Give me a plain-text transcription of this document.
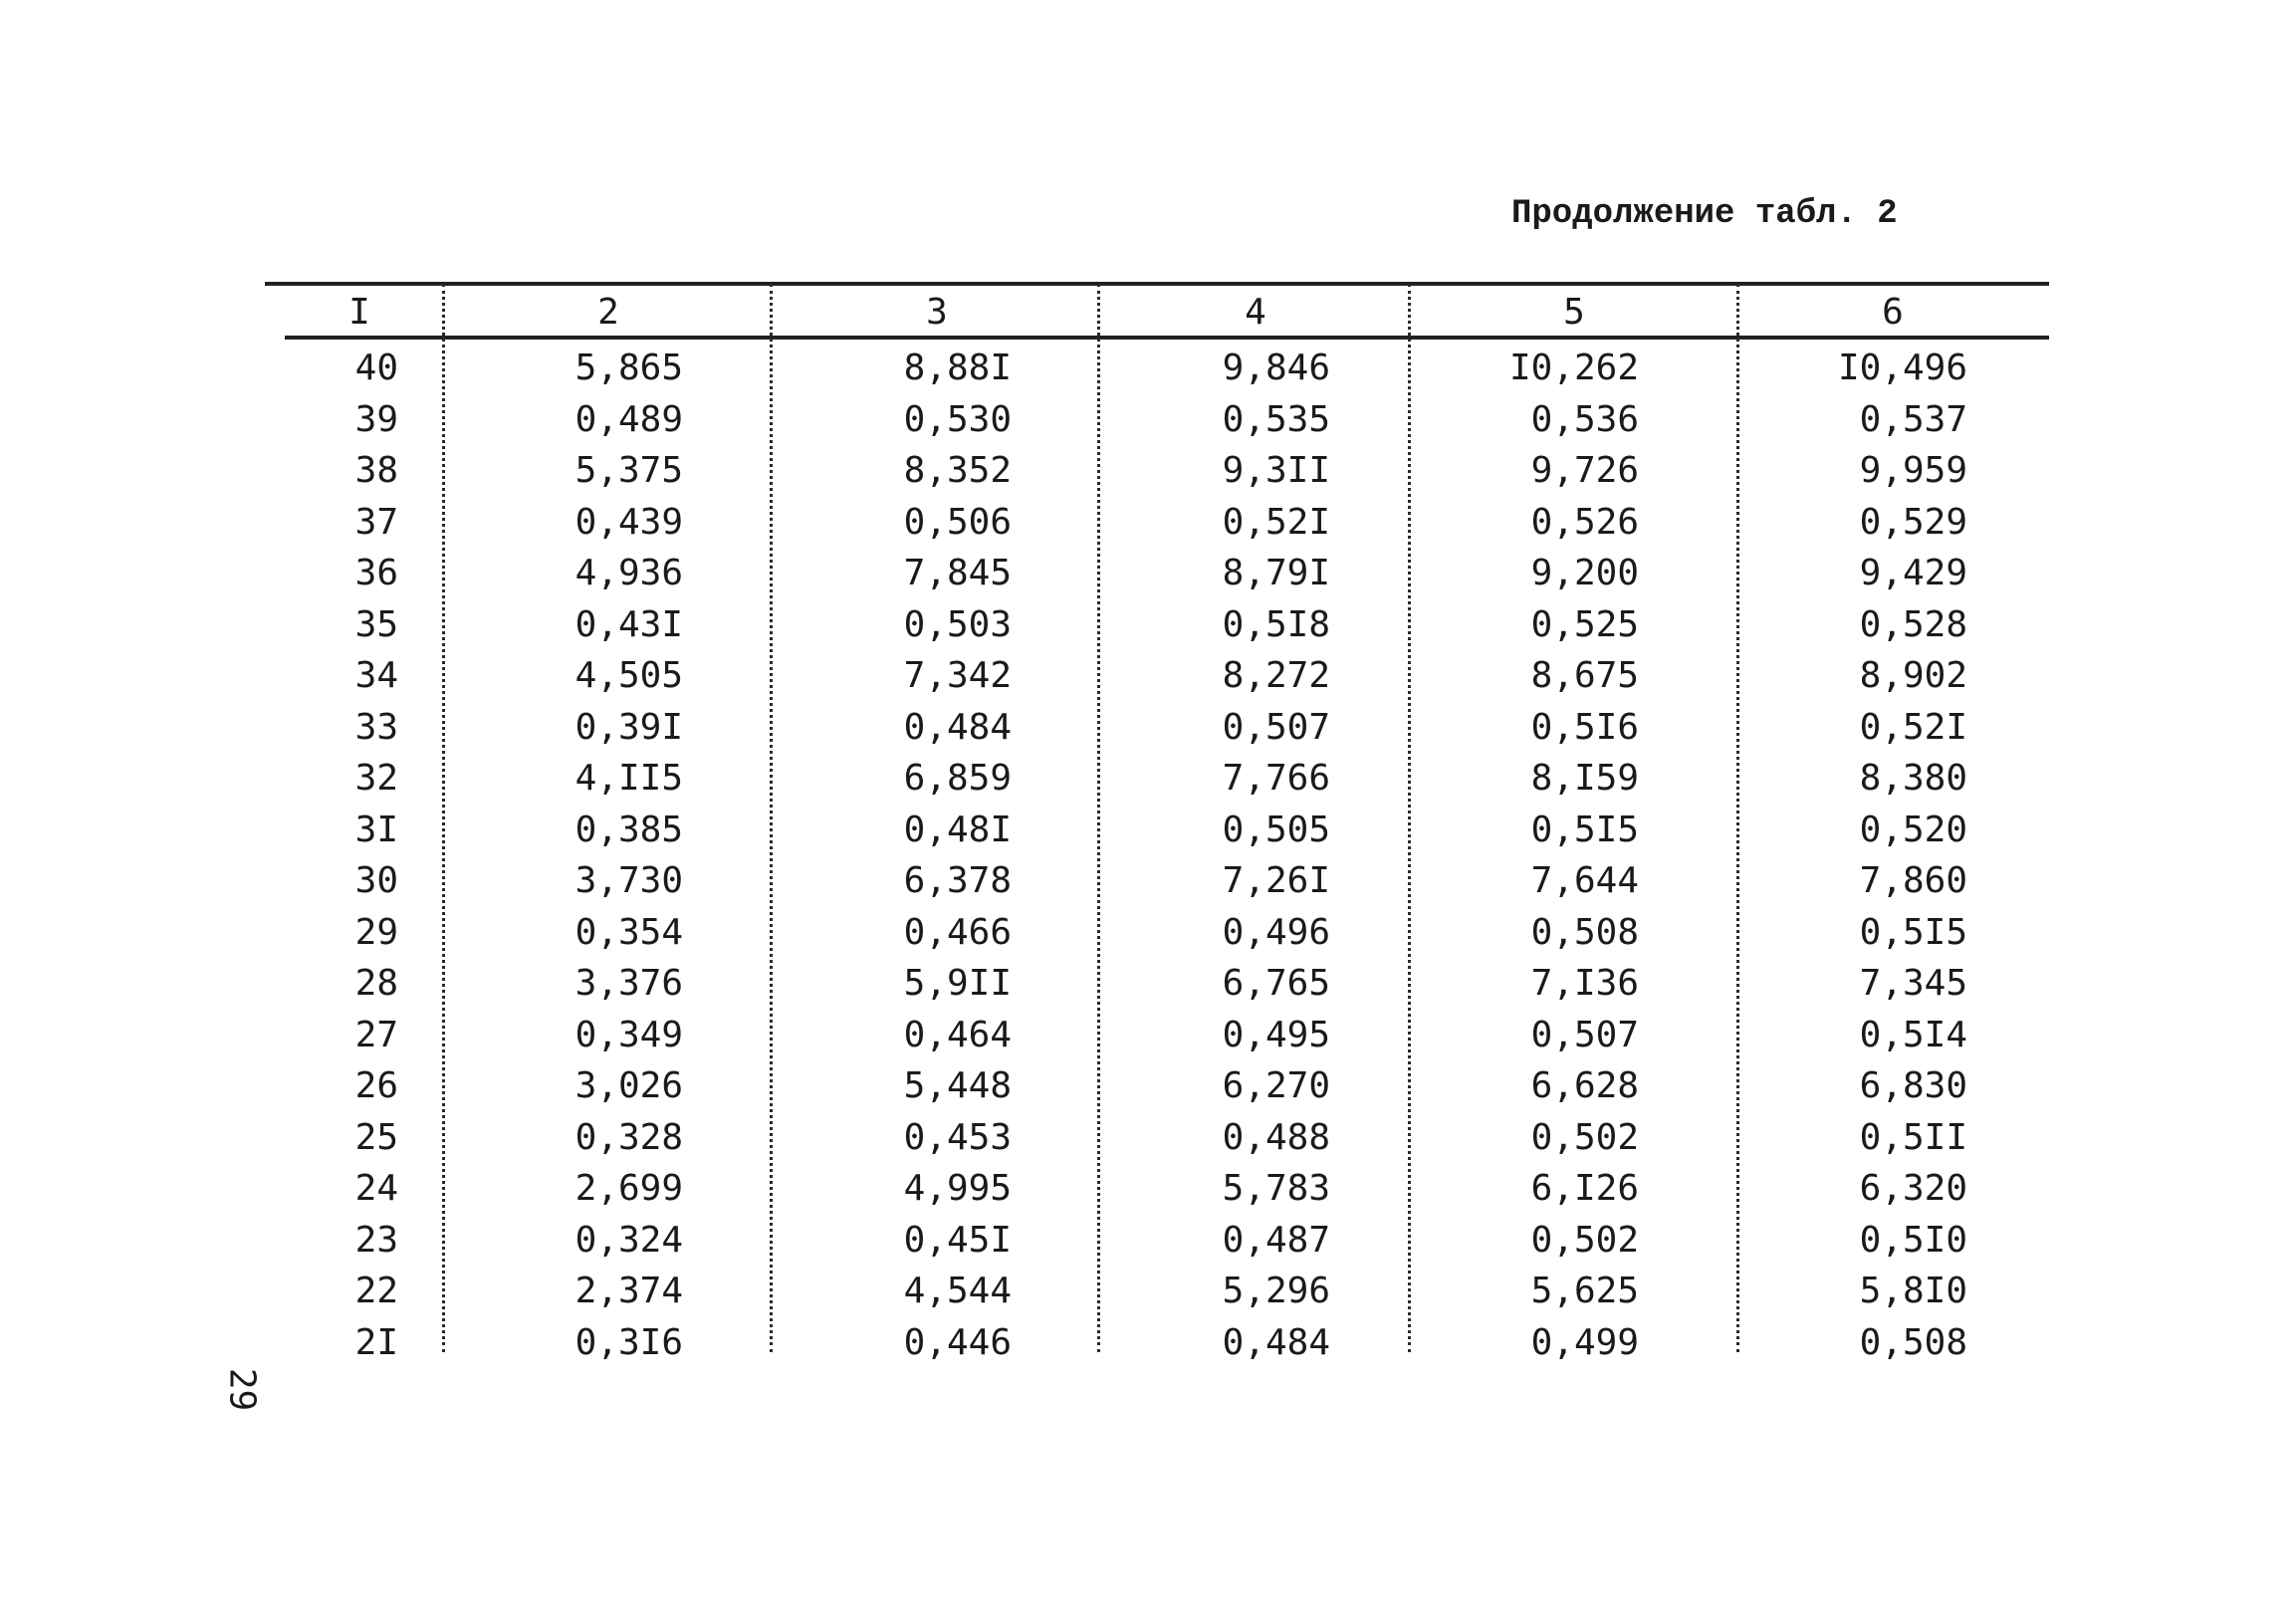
Продолжение табл. 2
I	2	3	4	5	6
40	5,865	8,88I	9,846	I0,262	I0,496
39	0,489	0,530	0,535	0,536	0,537
38	5,375	8,352	9,3II	9,726	9,959
37	0,439	0,506	0,52I	0,526	0,529
36	4,936	7,845	8,79I	9,200	9,429
35	0,43I	0,503	0,5I8	0,525	0,528
34	4,505	7,342	8,272	8,675	8,902
33	0,39I	0,484	0,507	0,5I6	0,52I
32	4,II5	6,859	7,766	8,I59	8,380
3I	0,385	0,48I	0,505	0,5I5	0,520
30	3,730	6,378	7,26I	7,644	7,860
29	0,354	0,466	0,496	0,508	0,5I5
28	3,376	5,9II	6,765	7,I36	7,345
27	0,349	0,464	0,495	0,507	0,5I4
26	3,026	5,448	6,270	6,628	6,830
25	0,328	0,453	0,488	0,502	0,5II
24	2,699	4,995	5,783	6,I26	6,320
23	0,324	0,45I	0,487	0,502	0,5I0
22	2,374	4,544	5,296	5,625	5,8I0
2I	0,3I6	0,446	0,484	0,499	0,508
29
